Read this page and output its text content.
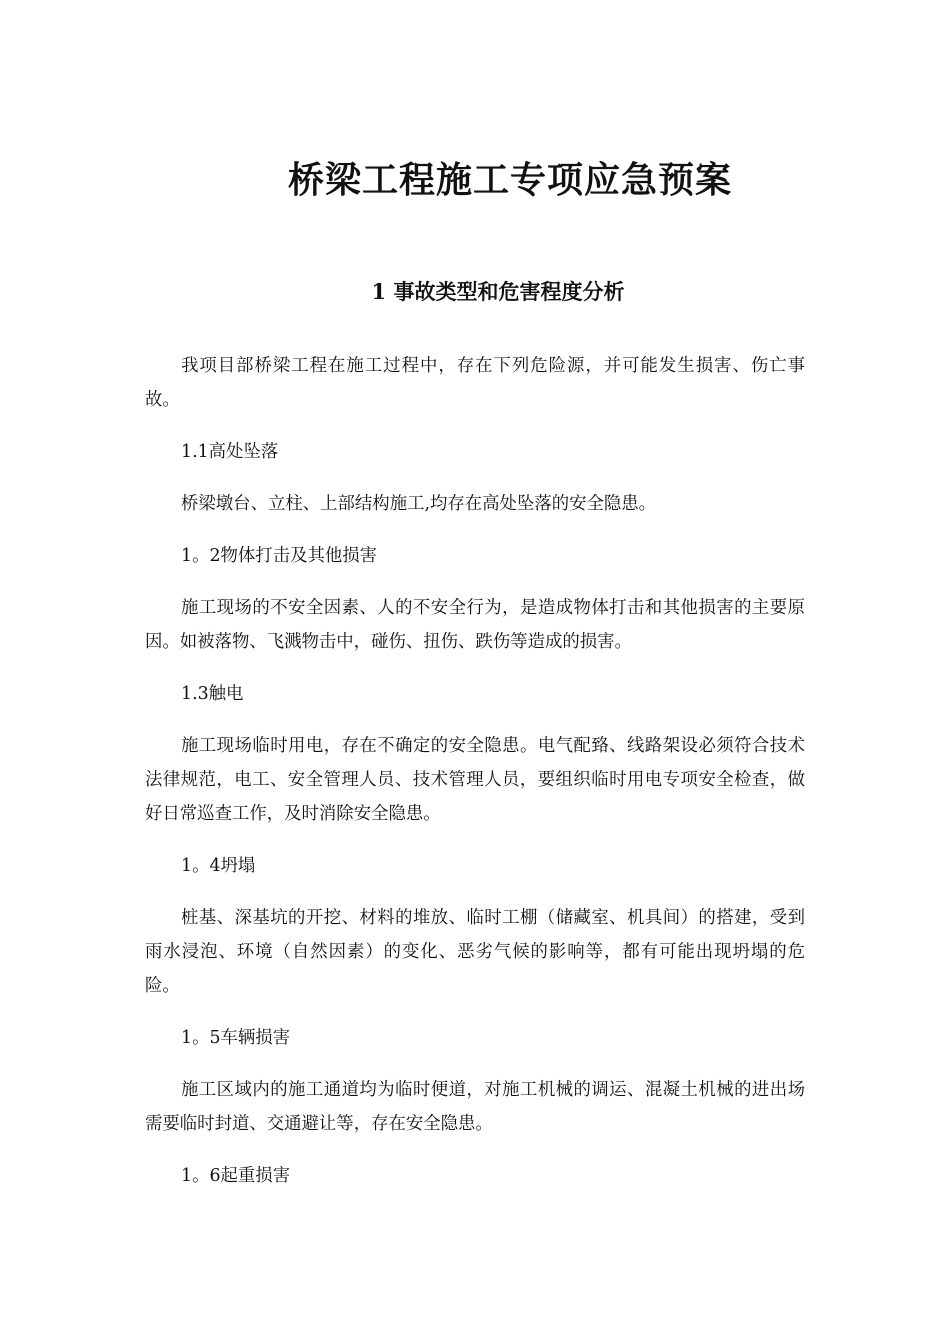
桥梁工程施工专项应急预案
1 事故类型和危害程度分析

我项目部桥梁工程在施工过程中，存在下列危险源，并可能发生损害、伤亡事故。

1.1高处坠落

桥梁墩台、立柱、上部结构施工,均存在高处坠落的安全隐患。

1。2物体打击及其他损害

施工现场的不安全因素、人的不安全行为，是造成物体打击和其他损害的主要原因。如被落物、飞溅物击中，碰伤、扭伤、跌伤等造成的损害。

1.3触电

施工现场临时用电，存在不确定的安全隐患。电气配臵、线路架设必须符合技术法律规范，电工、安全管理人员、技术管理人员，要组织临时用电专项安全检查，做好日常巡查工作，及时消除安全隐患。

1。4坍塌

桩基、深基坑的开挖、材料的堆放、临时工棚（储藏室、机具间）的搭建，受到雨水浸泡、环境（自然因素）的变化、恶劣气候的影响等，都有可能出现坍塌的危险。

1。5车辆损害

施工区域内的施工通道均为临时便道，对施工机械的调运、混凝土机械的进出场需要临时封道、交通避让等，存在安全隐患。

1。6起重损害
